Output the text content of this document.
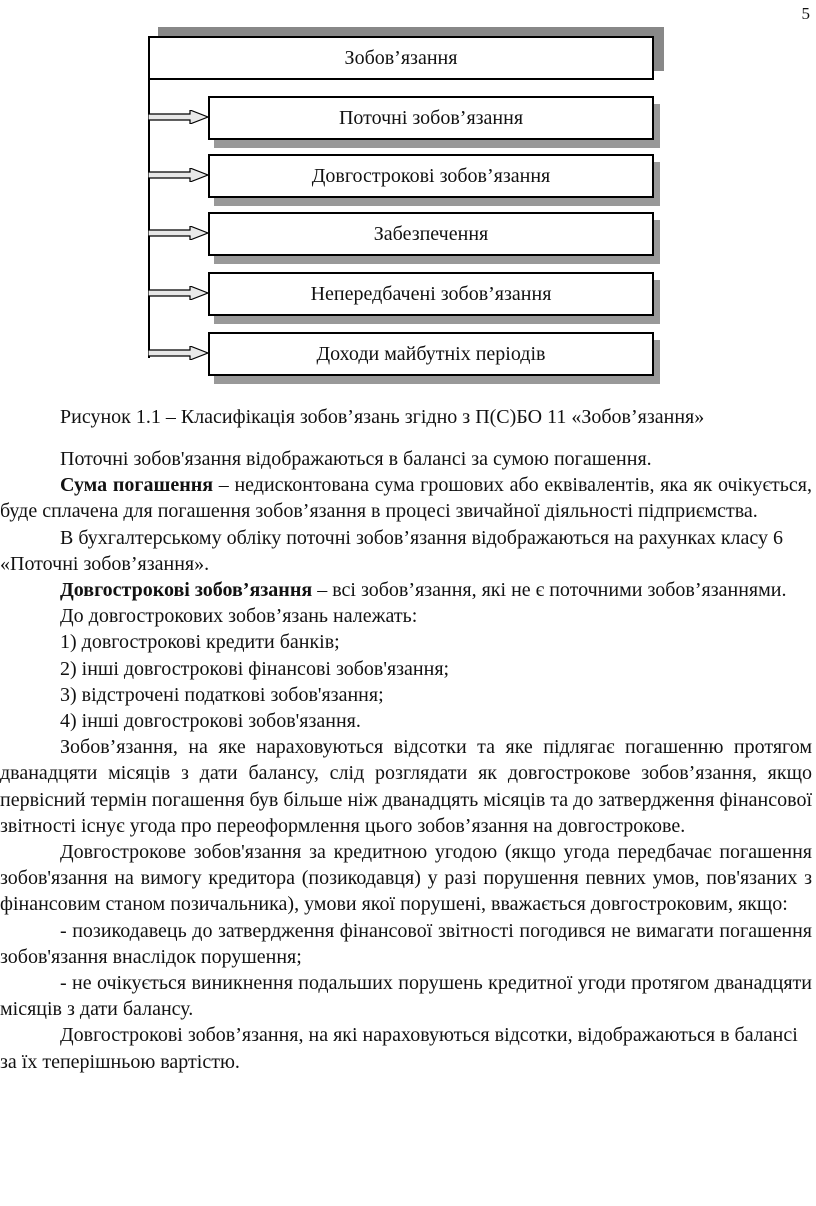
5
Зобов’язання
Поточні зобов’язання
Довгострокові зобов’язання
Забезпечення
Непередбачені зобов’язання
Доходи майбутніх періодів
Рисунок 1.1 – Класифікація зобов’язань згідно з П(С)БО 11 «Зобов’язання»

Поточні зобов'язання відображаються в балансі за сумою погашення.

Сума погашення – недисконтована сума грошових або еквівалентів, яка як очікується, буде сплачена для погашення зобов’язання в процесі звичайної діяльності підприємства.

В бухгалтерському обліку поточні зобов’язання відображаються на рахунках класу 6 «Поточні зобов’язання».

Довгострокові зобов’язання – всі зобов’язання, які не є поточними зобов’язаннями.

До довгострокових зобов’язань належать:

1) довгострокові кредити банків;

2) інші довгострокові фінансові зобов'язання;

3) відстрочені податкові зобов'язання;

4) інші довгострокові зобов'язання.

Зобов’язання, на яке нараховуються відсотки та яке підлягає погашенню протягом дванадцяти місяців з дати балансу, слід розглядати як довгострокове зобов’язання, якщо первісний термін погашення був більше ніж дванадцять місяців та до затвердження фінансової звітності існує угода про переоформлення цього зобов’язання на довгострокове.

Довгострокове зобов'язання за кредитною угодою (якщо угода передбачає погашення зобов'язання на вимогу кредитора (позикодавця) у разі порушення певних умов, пов'язаних з фінансовим станом позичальника), умови якої порушені, вважається довгостроковим, якщо:

- позикодавець до затвердження фінансової звітності погодився не вимагати погашення зобов'язання внаслідок порушення;

- не очікується виникнення подальших порушень кредитної угоди протягом дванадцяти місяців з дати балансу.

Довгострокові зобов’язання, на які нараховуються відсотки, відображаються в балансі за їх теперішньою вартістю.
